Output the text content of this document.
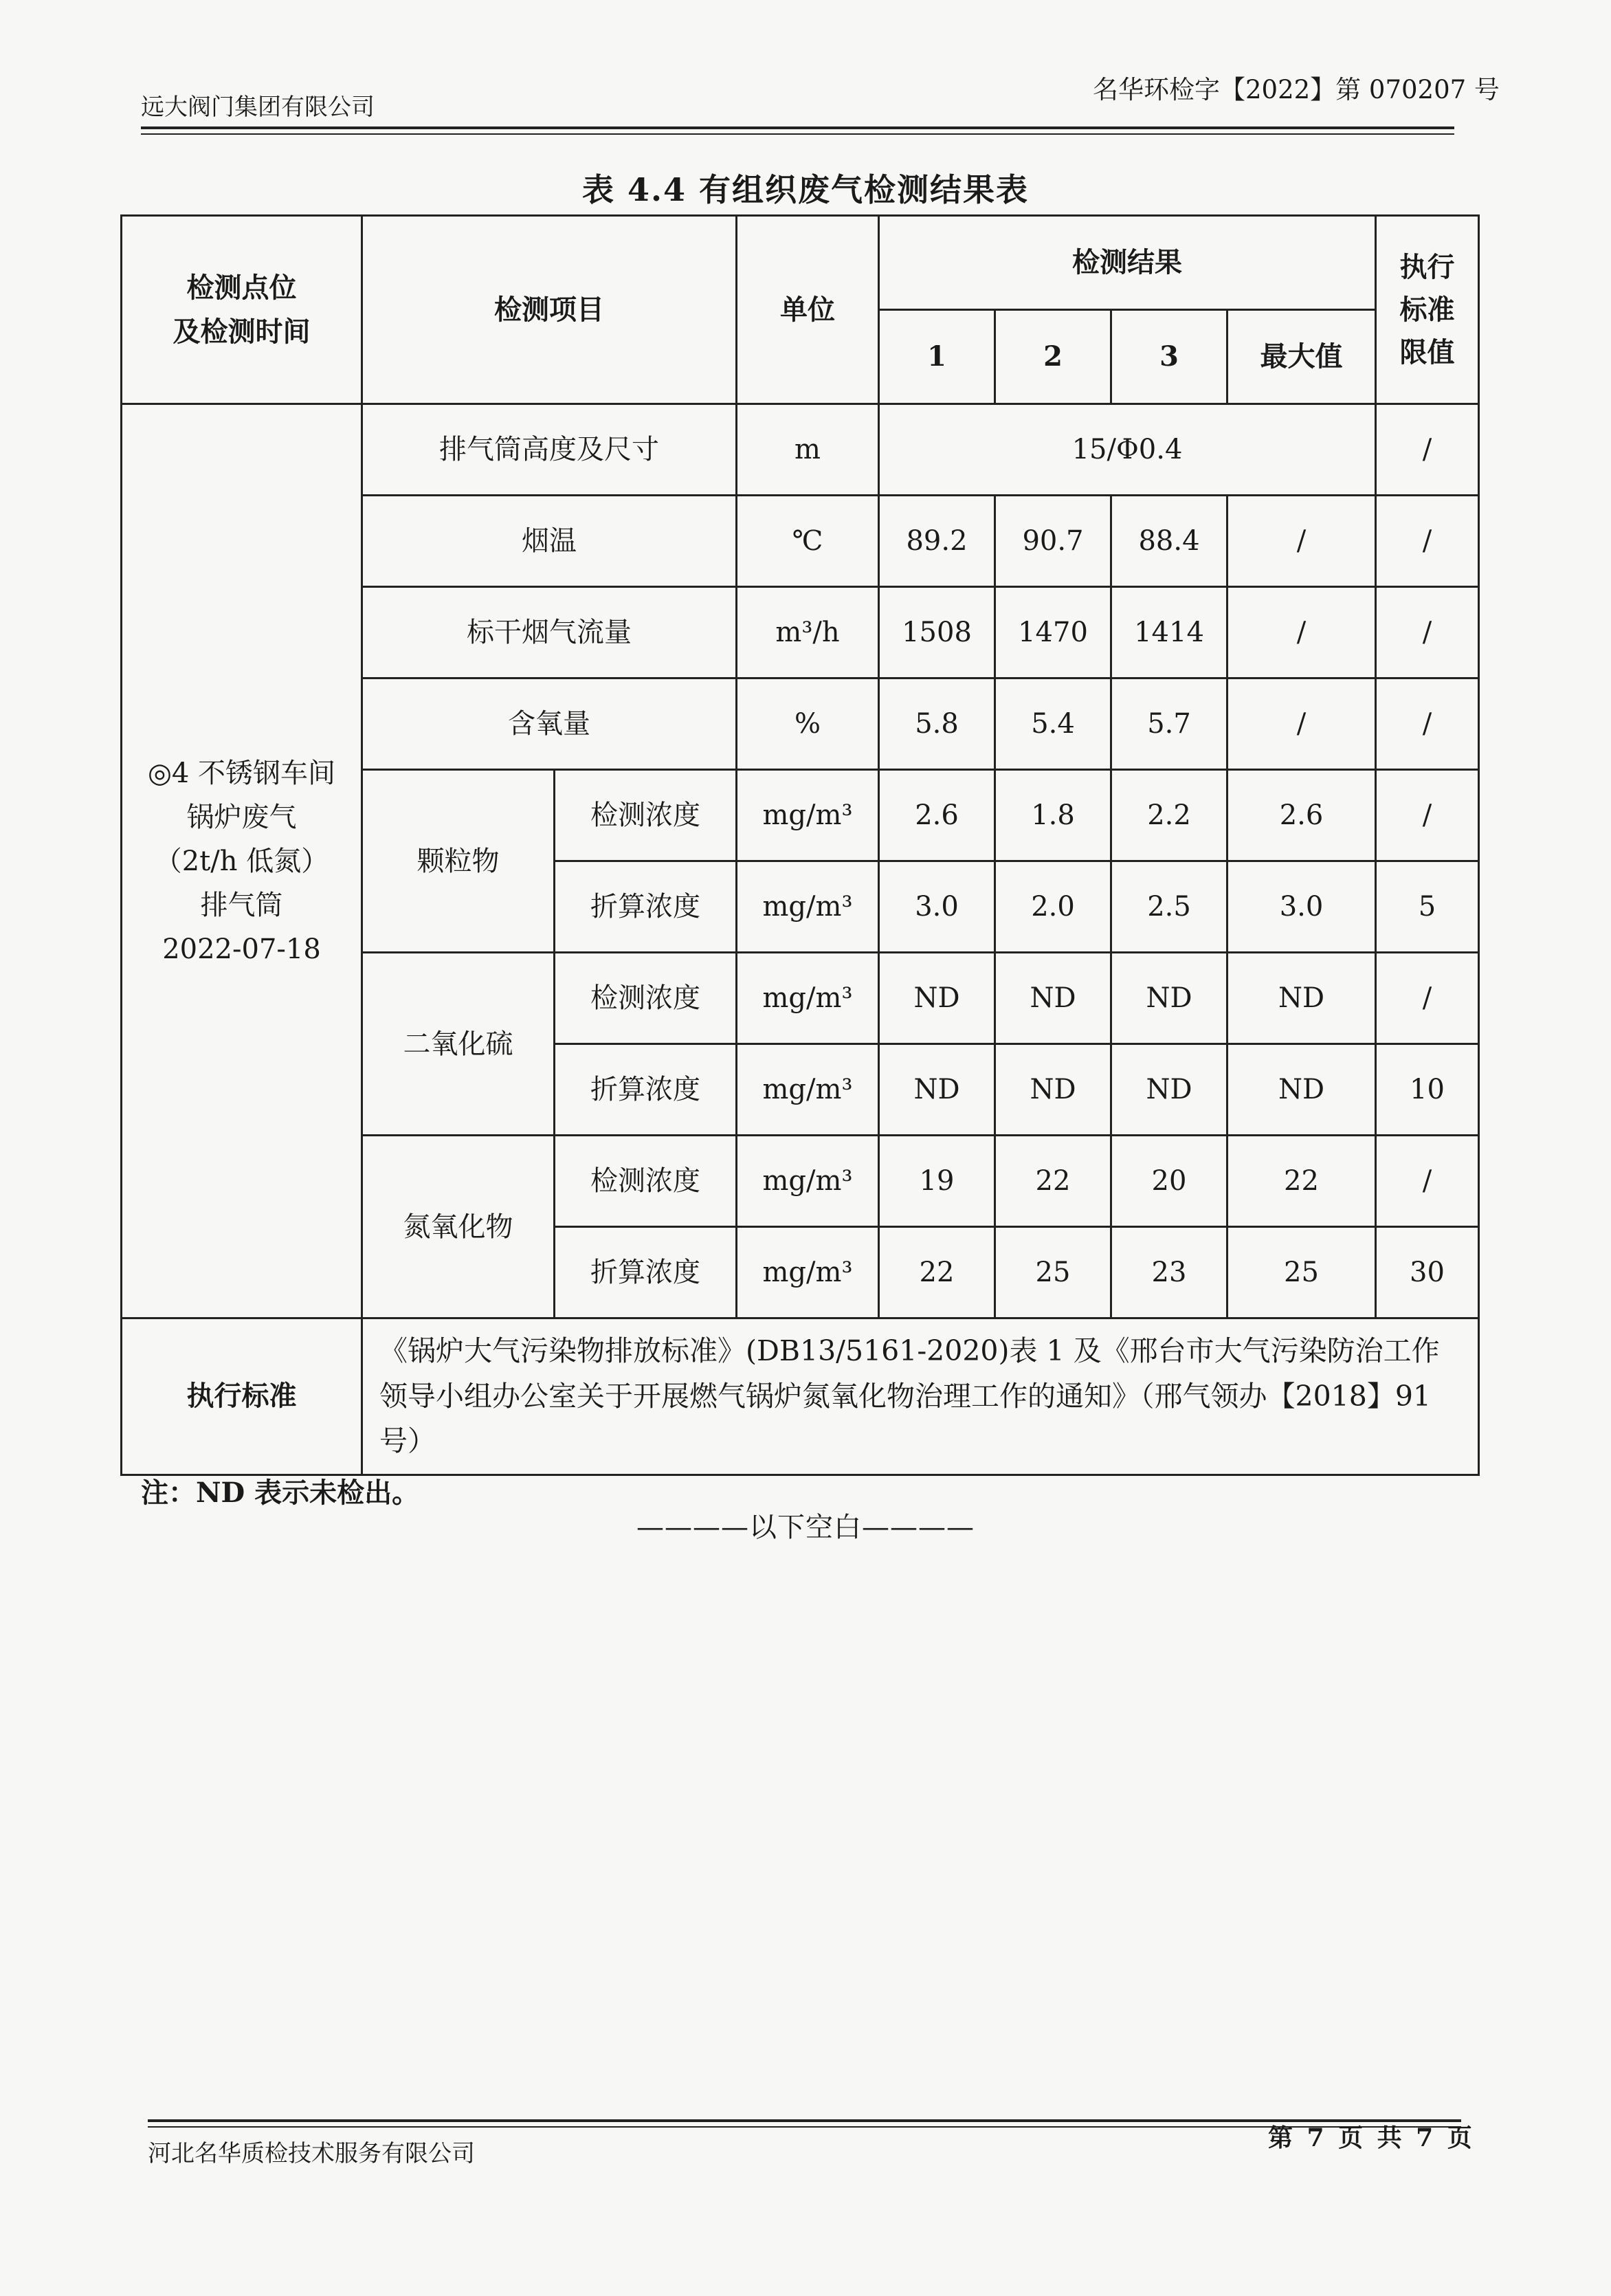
远大阀门集团有限公司
名华环检字【2022】第 070207 号
表 4.4 有组织废气检测结果表
检测点位
及检测时间	检测项目		单位	检测结果				执行
标准
限值
				1	2	3	最大值	
◎4 不锈钢车间
锅炉废气
（2t/h 低氮）
排气筒
2022-07-18	排气筒高度及尺寸		m	15/Φ0.4				/
	烟温		℃	89.2	90.7	88.4	/	/
	标干烟气流量		m³/h	1508	1470	1414	/	/
	含氧量		%	5.8	5.4	5.7	/	/
	颗粒物	检测浓度	mg/m³	2.6	1.8	2.2	2.6	/
		折算浓度	mg/m³	3.0	2.0	2.5	3.0	5
	二氧化硫	检测浓度	mg/m³	ND	ND	ND	ND	/
		折算浓度	mg/m³	ND	ND	ND	ND	10
	氮氧化物	检测浓度	mg/m³	19	22	20	22	/
		折算浓度	mg/m³	22	25	23	25	30
执行标准	《锅炉大气污染物排放标准》(DB13/5161-2020)表 1 及《邢台市大气污染防治工作领导小组办公室关于开展燃气锅炉氮氧化物治理工作的通知》（邢气领办【2018】91 号）							
注：ND 表示未检出。
————以下空白————
河北名华质检技术服务有限公司
第 7 页 共 7 页
